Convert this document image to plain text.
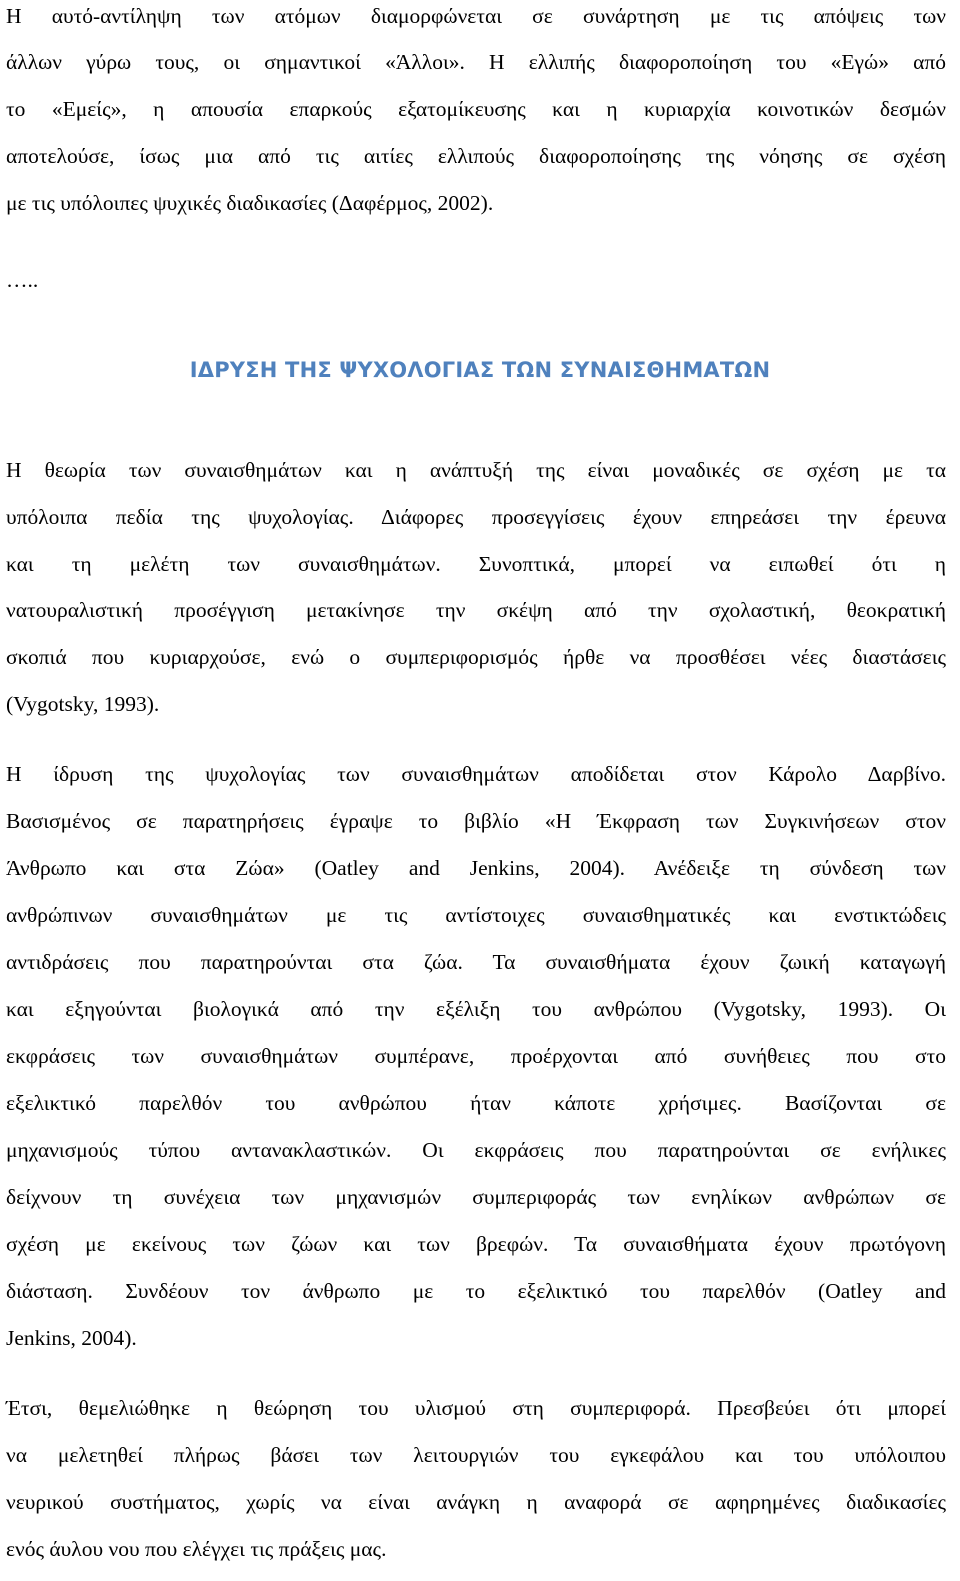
Η αυτό-αντίληψη των ατόμων διαμορφώνεται σε συνάρτηση με τις απόψεις των
άλλων γύρω τους, οι σημαντικοί «Άλλοι». Η ελλιπής διαφοροποίηση του «Εγώ» από
το «Εμείς», η απουσία επαρκούς εξατομίκευσης και η κυριαρχία κοινοτικών δεσμών
αποτελούσε, ίσως μια από τις αιτίες ελλιπούς διαφοροποίησης της νόησης σε σχέση
με τις υπόλοιπες ψυχικές διαδικασίες (Δαφέρμος, 2002).
…..
ΙΔΡΥΣΗ ΤΗΣ ΨΥΧΟΛΟΓΙΑΣ ΤΩΝ ΣΥΝΑΙΣΘΗΜΑΤΩΝ
Η θεωρία των συναισθημάτων και η ανάπτυξή της είναι μοναδικές σε σχέση με τα
υπόλοιπα πεδία της ψυχολογίας. Διάφορες προσεγγίσεις έχουν επηρεάσει την έρευνα
και τη μελέτη των συναισθημάτων. Συνοπτικά, μπορεί να ειπωθεί ότι η
νατουραλιστική προσέγγιση μετακίνησε την σκέψη από την σχολαστική, θεοκρατική
σκοπιά που κυριαρχούσε, ενώ ο συμπεριφορισμός ήρθε να προσθέσει νέες διαστάσεις
(Vygotsky, 1993).
Η ίδρυση της ψυχολογίας των συναισθημάτων αποδίδεται στον Κάρολο Δαρβίνο.
Βασισμένος σε παρατηρήσεις έγραψε το βιβλίο «Η Έκφραση των Συγκινήσεων στον
Άνθρωπο και στα Ζώα» (Oatley and Jenkins, 2004). Ανέδειξε τη σύνδεση των
ανθρώπινων συναισθημάτων με τις αντίστοιχες συναισθηματικές και ενστικτώδεις
αντιδράσεις που παρατηρούνται στα ζώα. Τα συναισθήματα έχουν ζωική καταγωγή
και εξηγούνται βιολογικά από την εξέλιξη του ανθρώπου (Vygotsky, 1993). Οι
εκφράσεις των συναισθημάτων συμπέρανε, προέρχονται από συνήθειες που στο
εξελικτικό παρελθόν του ανθρώπου ήταν κάποτε χρήσιμες. Βασίζονται σε
μηχανισμούς τύπου αντανακλαστικών. Οι εκφράσεις που παρατηρούνται σε ενήλικες
δείχνουν τη συνέχεια των μηχανισμών συμπεριφοράς των ενηλίκων ανθρώπων σε
σχέση με εκείνους των ζώων και των βρεφών. Τα συναισθήματα έχουν πρωτόγονη
διάσταση. Συνδέουν τον άνθρωπο με το εξελικτικό του παρελθόν (Oatley and
Jenkins, 2004).
Έτσι, θεμελιώθηκε η θεώρηση του υλισμού στη συμπεριφορά. Πρεσβεύει ότι μπορεί
να μελετηθεί πλήρως βάσει των λειτουργιών του εγκεφάλου και του υπόλοιπου
νευρικού συστήματος, χωρίς να είναι ανάγκη η αναφορά σε αφηρημένες διαδικασίες
ενός άυλου νου που ελέγχει τις πράξεις μας.
